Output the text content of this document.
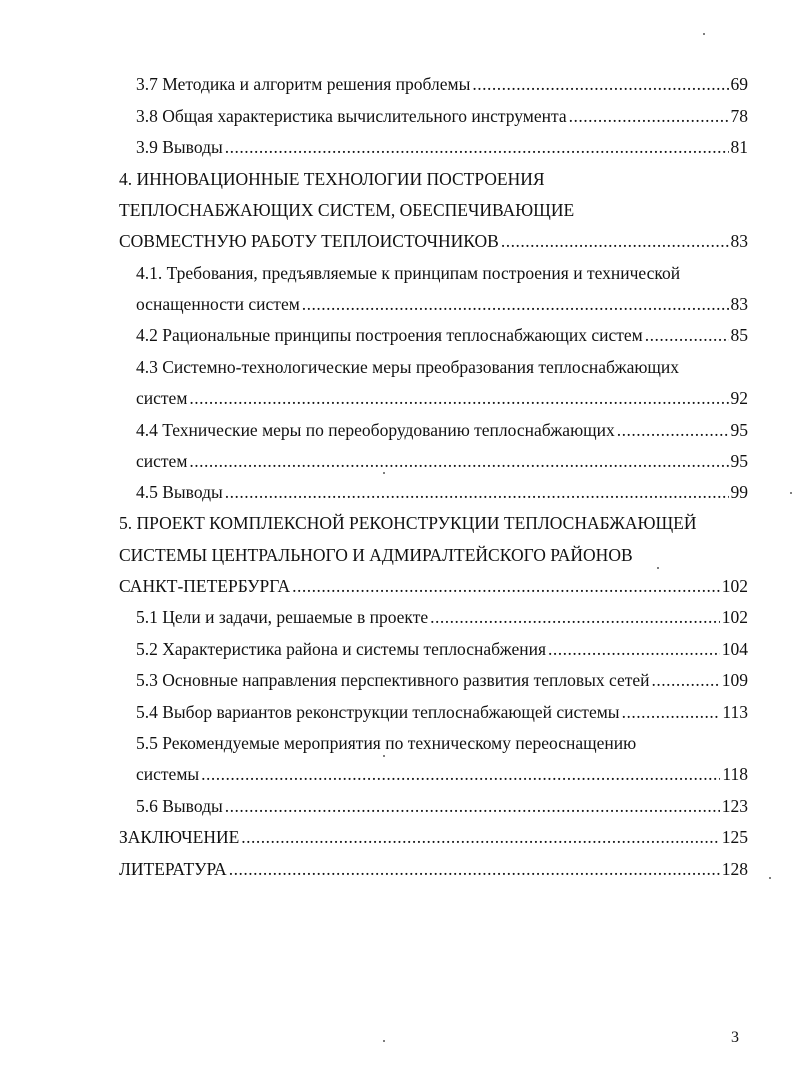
3.7 Методика и алгоритм решения проблемы .....	69
3.8 Общая характеристика вычислительного инструмента .....	78
3.9 Выводы .....	81
4. ИННОВАЦИОННЫЕ ТЕХНОЛОГИИ ПОСТРОЕНИЯ
ТЕПЛОСНАБЖАЮЩИХ СИСТЕМ, ОБЕСПЕЧИВАЮЩИЕ
СОВМЕСТНУЮ РАБОТУ ТЕПЛОИСТОЧНИКОВ .....	83
4.1. Требования, предъявляемые к принципам построения и технической
оснащенности систем .....	83
4.2 Рациональные принципы построения теплоснабжающих систем .....	85
4.3 Системно-технологические меры преобразования теплоснабжающих
систем .....	92
4.4 Технические меры по переоборудованию теплоснабжающих .....	95
систем .....	95
4.5 Выводы .....	99
5. ПРОЕКТ КОМПЛЕКСНОЙ РЕКОНСТРУКЦИИ ТЕПЛОСНАБЖАЮЩЕЙ
СИСТЕМЫ ЦЕНТРАЛЬНОГО И АДМИРАЛТЕЙСКОГО РАЙОНОВ
САНКТ-ПЕТЕРБУРГА .....	102
5.1 Цели и задачи, решаемые в проекте .....	102
5.2 Характеристика района и системы теплоснабжения .....	104
5.3 Основные направления перспективного развития тепловых сетей .....	109
5.4 Выбор вариантов реконструкции теплоснабжающей системы .....	113
5.5 Рекомендуемые мероприятия по техническому переоснащению
системы .....	118
5.6 Выводы .....	123
ЗАКЛЮЧЕНИЕ .....	125
ЛИТЕРАТУРА .....	128
3
